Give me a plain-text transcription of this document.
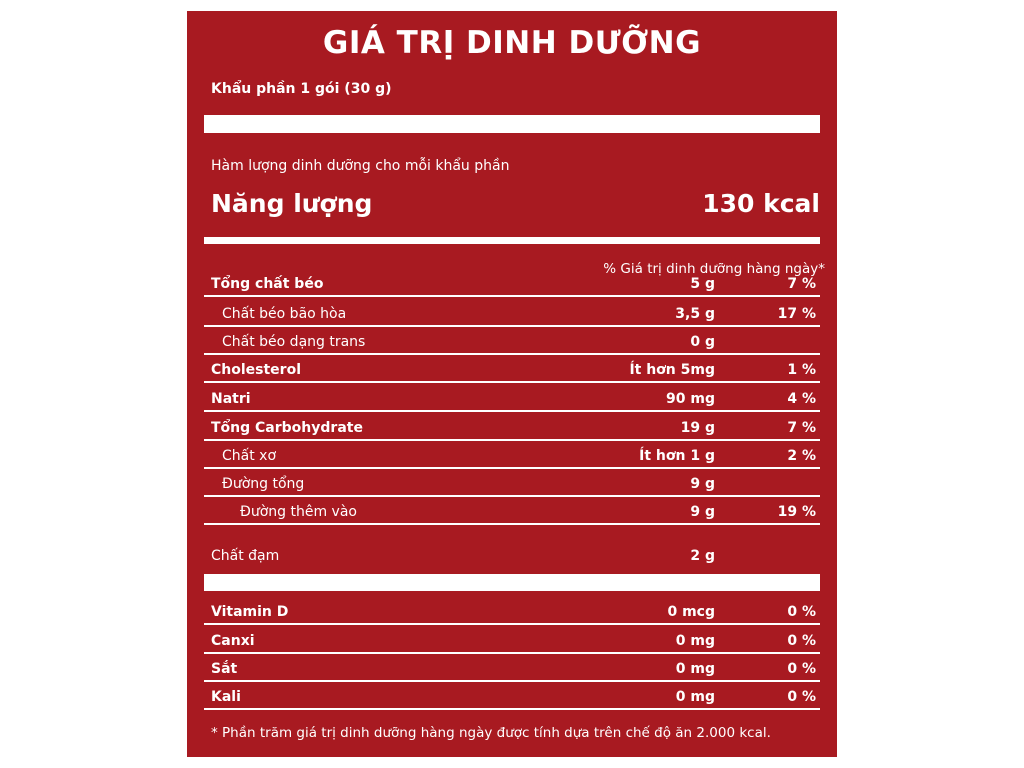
GIÁ TRỊ DINH DƯỠNG
Khẩu phần 1 gói (30 g)
Hàm lượng dinh dưỡng cho mỗi khẩu phần
Năng lượng	130 kcal
% Giá trị dinh dưỡng hàng ngày*
Tổng chất béo	5 g	7 %
Chất béo bão hòa	3,5 g	17 %
Chất béo dạng trans	0 g
Cholesterol	Ít hơn 5mg	1 %
Natri	90 mg	4 %
Tổng Carbohydrate	19 g	7 %
Chất xơ	Ít hơn 1 g	2 %
Đường tổng	9 g
Đường thêm vào	9 g	19 %
Chất đạm	2 g
Vitamin D	0 mcg	0 %
Canxi	0 mg	0 %
Sắt	0 mg	0 %
Kali	0 mg	0 %
* Phần trăm giá trị dinh dưỡng hàng ngày được tính dựa trên chế độ ăn 2.000 kcal.
